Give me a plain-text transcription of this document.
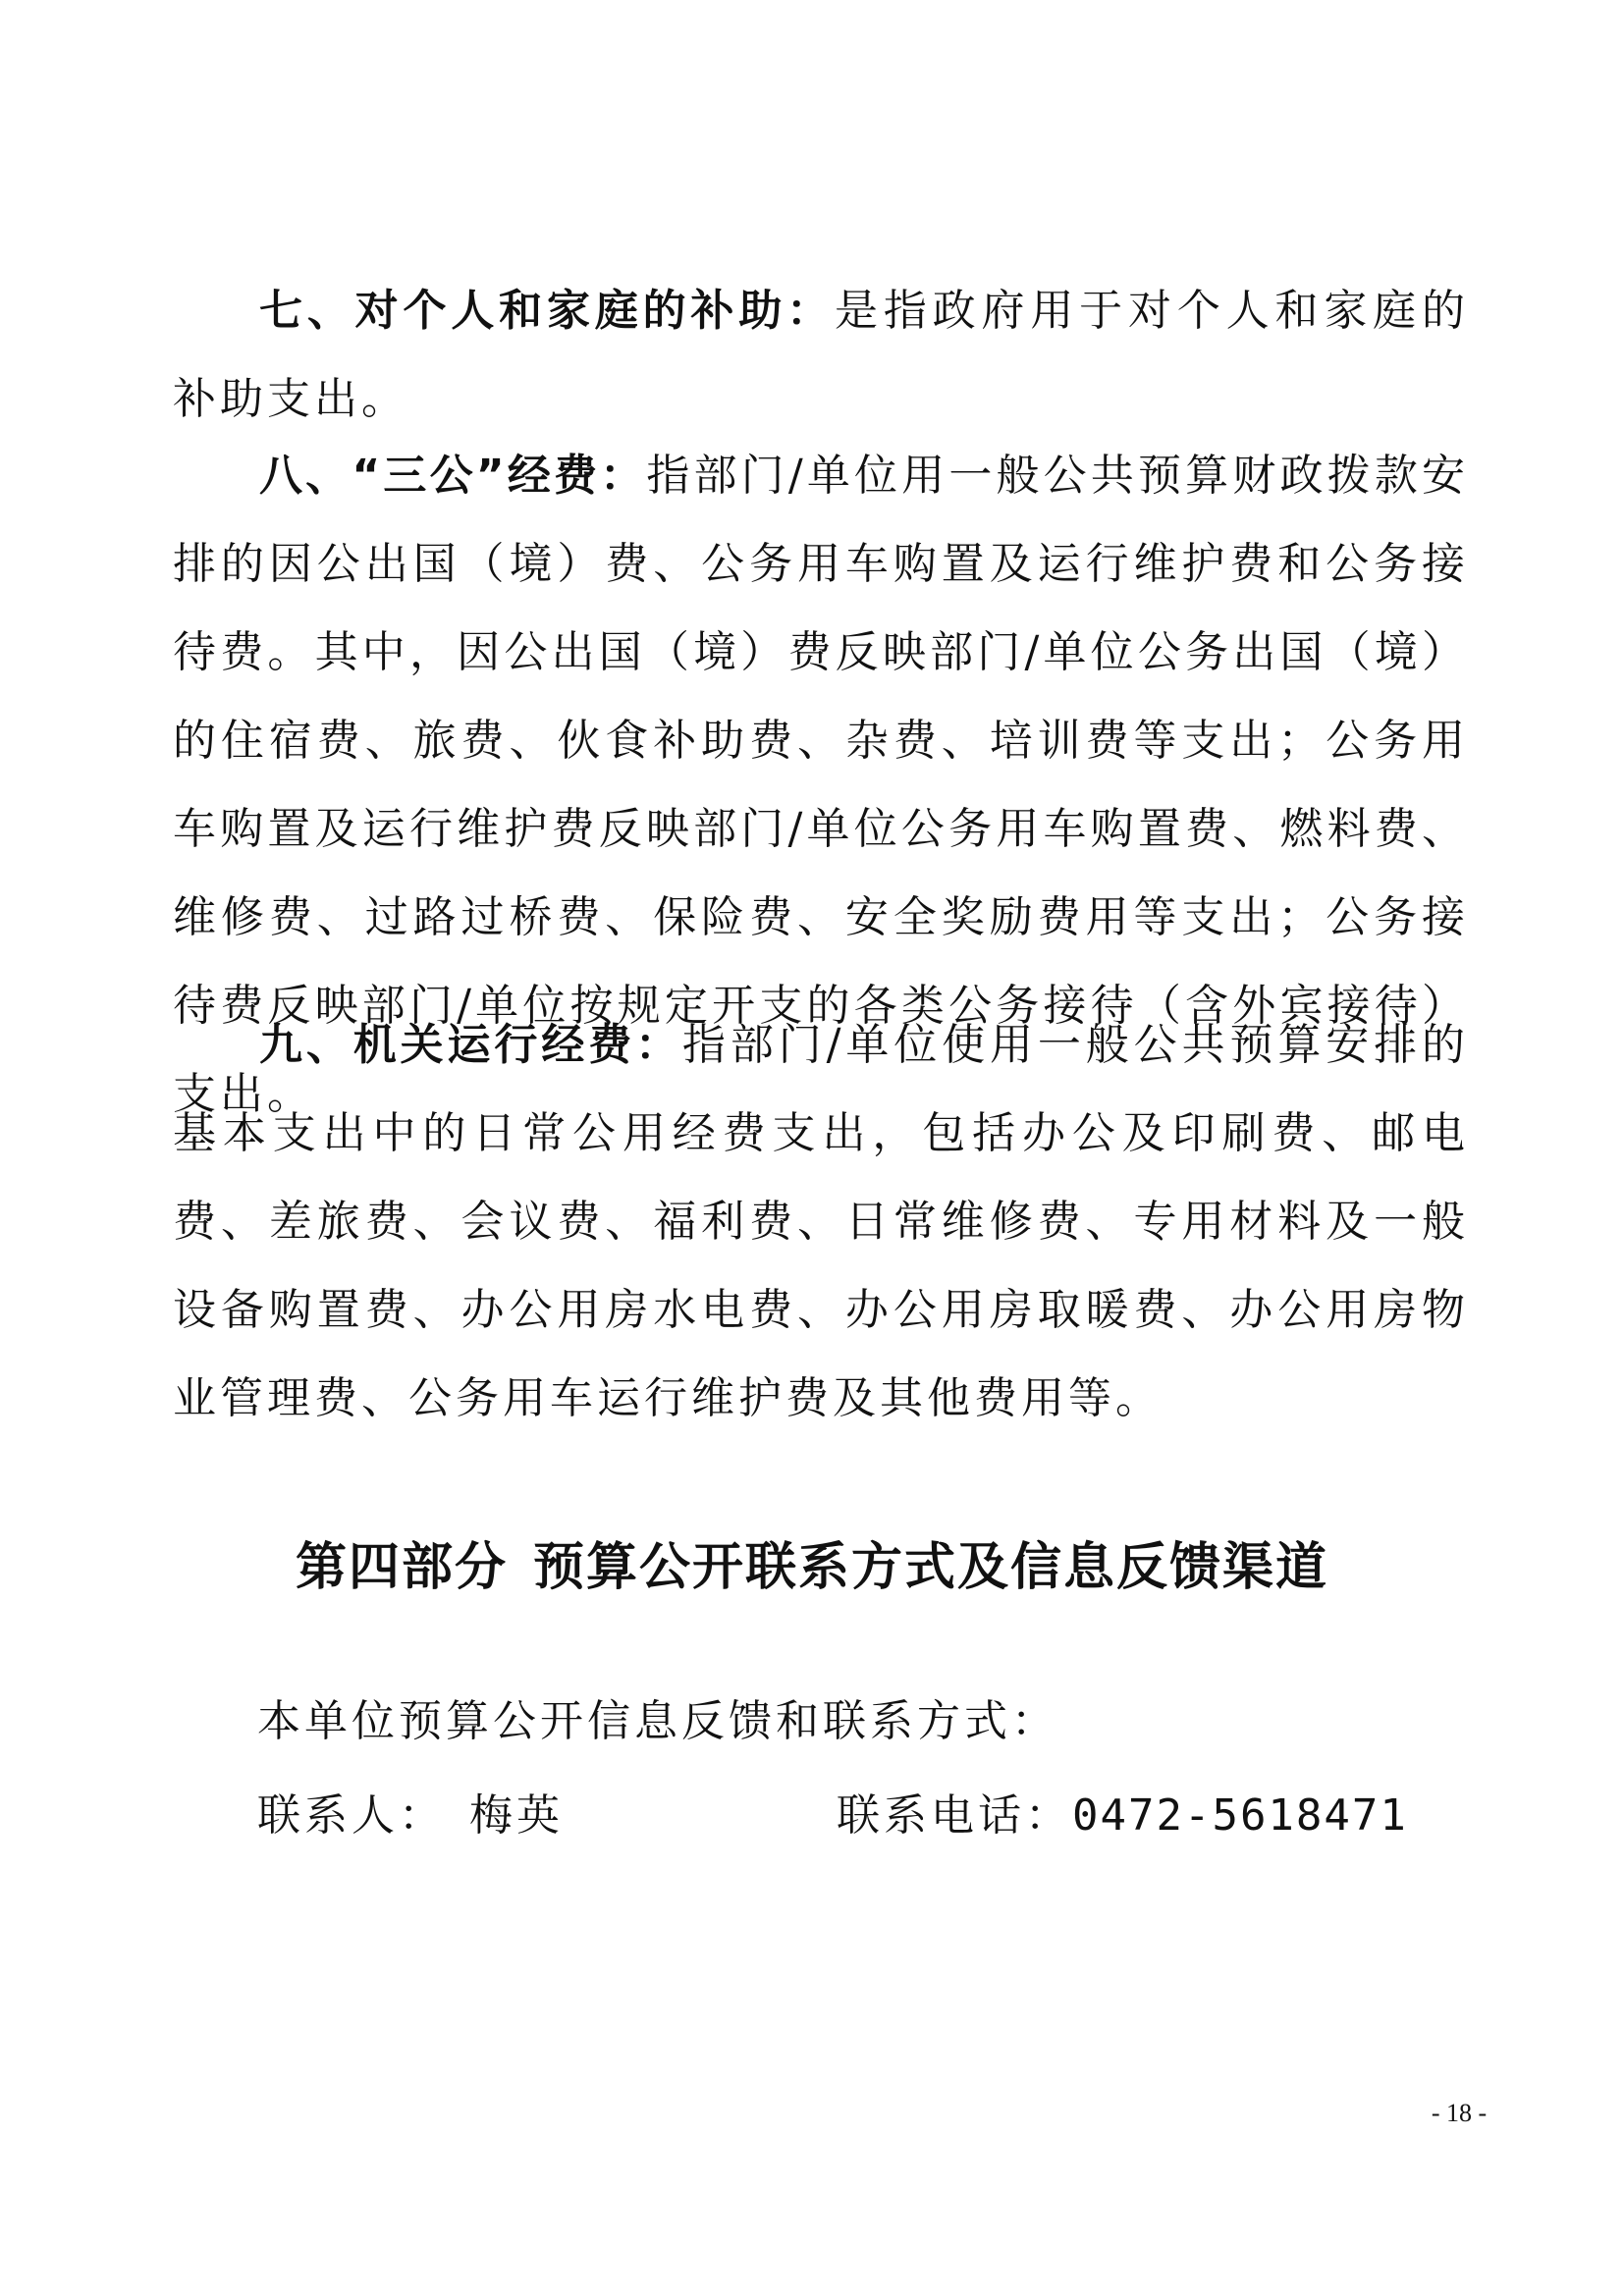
七、对个人和家庭的补助：是指政府用于对个人和家庭的补助支出。

八、“三公”经费：指部门/单位用一般公共预算财政拨款安排的因公出国（境）费、公务用车购置及运行维护费和公务接待费。其中，因公出国（境）费反映部门/单位公务出国（境）的住宿费、旅费、伙食补助费、杂费、培训费等支出；公务用车购置及运行维护费反映部门/单位公务用车购置费、燃料费、维修费、过路过桥费、保险费、安全奖励费用等支出；公务接待费反映部门/单位按规定开支的各类公务接待（含外宾接待）支出。

九、机关运行经费：指部门/单位使用一般公共预算安排的基本支出中的日常公用经费支出，包括办公及印刷费、邮电费、差旅费、会议费、福利费、日常维修费、专用材料及一般设备购置费、办公用房水电费、办公用房取暖费、办公用房物业管理费、公务用车运行维护费及其他费用等。

第四部分 预算公开联系方式及信息反馈渠道
本单位预算公开信息反馈和联系方式：
联系人： 梅英	联系电话：0472-5618471
- 18 -
